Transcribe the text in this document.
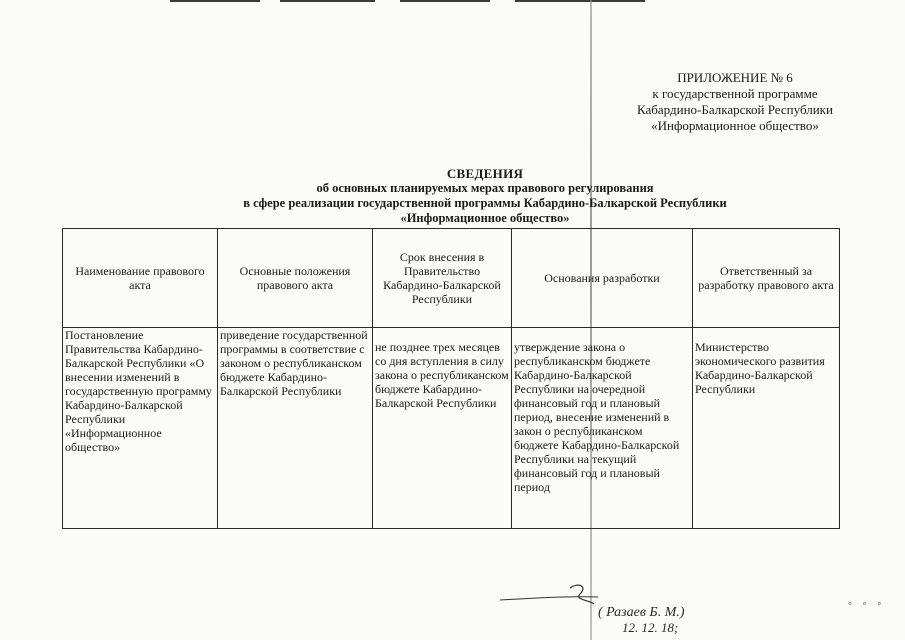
ПРИЛОЖЕНИЕ № 6
к государственной программе
Кабардино-Балкарской Республики
«Информационное общество»
СВЕДЕНИЯ
об основных планируемых мерах правового регулирования
в сфере реализации государственной программы Кабардино-Балкарской Республики
«Информационное общество»
Наименование правового акта	Основные положения правового акта	Срок внесения в Правительство Кабардино-Балкарской Республики	Основания разработки	Ответственный за разработку правового акта
Постановление Правительства Кабардино-Балкарской Республики «О внесении изменений в государственную программу Кабардино-Балкарской Республики «Информационное общество»	приведение государственной программы в соответствие с законом о республиканском бюджете Кабардино-Балкарской Республики	не позднее трех месяцев со дня вступления в силу закона о республиканском бюджете Кабардино-Балкарской Республики	утверждение закона о республиканском бюджете Кабардино-Балкарской Республики на очередной финансовый год и плановый период, внесение изменений в закон о республиканском бюджете Кабардино-Балкарской Республики на текущий финансовый год и плановый период	Министерство экономического развития Кабардино-Балкарской Республики
( Разаев Б. М.)
12. 12. 18;
◦ ◦ ◦
